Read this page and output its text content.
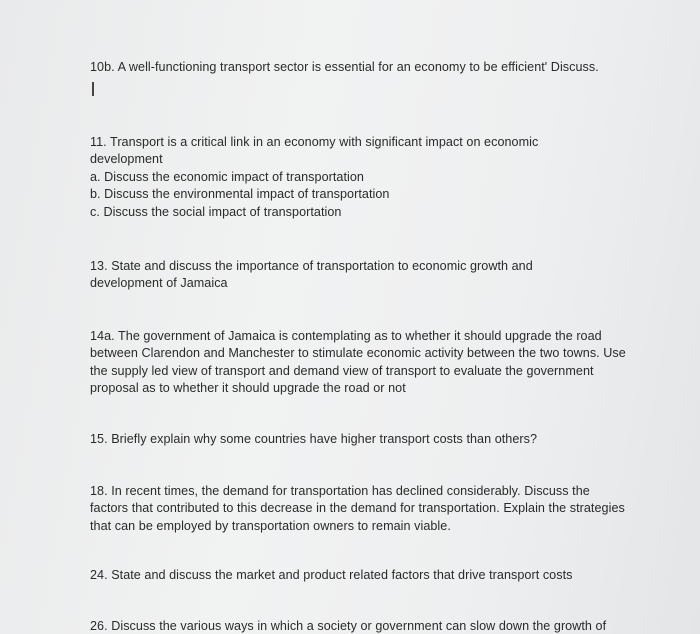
10b. A well-functioning transport sector is essential for an economy to be efficient' Discuss.
11. Transport is a critical link in an economy with significant impact on economic
development
a. Discuss the economic impact of transportation
b. Discuss the environmental impact of transportation
c. Discuss the social impact of transportation
13. State and discuss the importance of transportation to economic growth and
development of Jamaica
14a. The government of Jamaica is contemplating as to whether it should upgrade the road
between Clarendon and Manchester to stimulate economic activity between the two towns. Use
the supply led view of transport and demand view of transport to evaluate the government
proposal as to whether it should upgrade the road or not
15. Briefly explain why some countries have higher transport costs than others?
18. In recent times, the demand for transportation has declined considerably. Discuss the
factors that contributed to this decrease in the demand for transportation. Explain the strategies
that can be employed by transportation owners to remain viable.
24. State and discuss the market and product related factors that drive transport costs
26. Discuss the various ways in which a society or government can slow down the growth of
